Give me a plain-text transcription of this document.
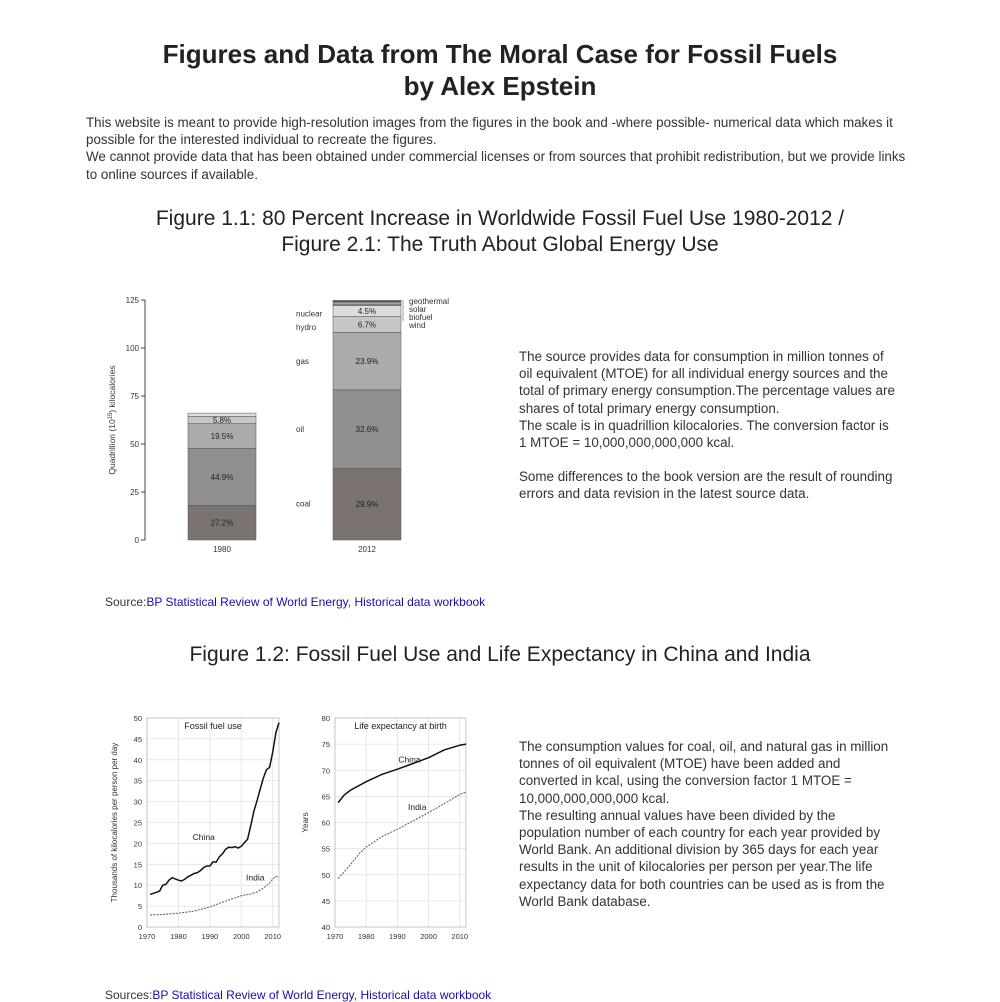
Figures and Data from The Moral Case for Fossil Fuels
by Alex Epstein

This website is meant to provide high-resolution images from the figures in the book and -where possible- numerical data which makes it possible for the interested individual to recreate the figures.

We cannot provide data that has been obtained under commercial licenses or from sources that prohibit redistribution, but we provide links to online sources if available.

Figure 1.1: 80 Percent Increase in Worldwide Fossil Fuel Use 1980-2012 /
Figure 2.1: The Truth About Global Energy Use
0
25
50
75
100
125
Quadrillion $(10^{15})$ kilocalories
27.2%
44.9%
19.5%
5.8%
1980
29.9%
32.6%
23.9%
6.7%
4.5%
2012
nuclear
hydro
gas
oil
coal
geothermal
solar
biofuel
wind

The source provides data for consumption in million tonnes of oil equivalent (MTOE) for all individual energy sources and the total of primary energy consumption.The percentage values are shares of total primary energy consumption.

The scale is in quadrillion kilocalories. The conversion factor is 1 MTOE = 10,000,000,000,000 kcal.

Some differences to the book version are the result of rounding errors and data revision in the latest source data.

Source:BP Statistical Review of World Energy, Historical data workbook
Figure 1.2: Fossil Fuel Use and Life Expectancy in China and India
0
5
10
15
20
25
30
35
40
45
50
1970 1980 1990 2000 2010
Fossil fuel use
Thousands of kilocalories per person per day	China
India
40
45
50
55
60
65
70
75
80
1970 1980 1990 2000 2010
Life expectancy at birth
Years
China
India

The consumption values for coal, oil, and natural gas in million tonnes of oil equivalent (MTOE) have been added and converted in kcal, using the conversion factor 1 MTOE = 10,000,000,000,000 kcal.

The resulting annual values have been divided by the population number of each country for each year provided by World Bank. An additional division by 365 days for each year results in the unit of kilocalories per person per year.The life expectancy data for both countries can be used as is from the World Bank database.

Sources:BP Statistical Review of World Energy, Historical data workbook
